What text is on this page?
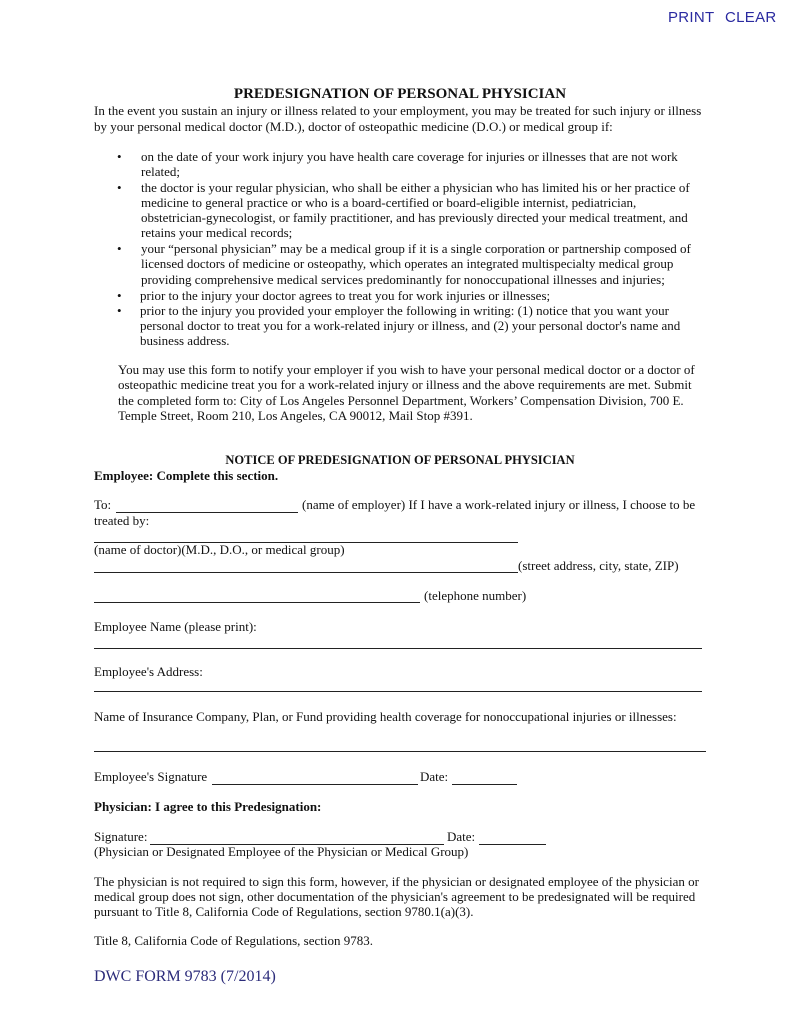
PRINT CLEAR
PREDESIGNATION OF PERSONAL PHYSICIAN
In the event you sustain an injury or illness related to your employment, you may be treated for such injury or illness
by your personal medical doctor (M.D.), doctor of osteopathic medicine (D.O.) or medical group if:
• on the date of your work injury you have health care coverage for injuries or illnesses that are not work
related;
• the doctor is your regular physician, who shall be either a physician who has limited his or her practice of
medicine to general practice or who is a board-certified or board-eligible internist, pediatrician,
obstetrician-gynecologist, or family practitioner, and has previously directed your medical treatment, and
retains your medical records;
• your “personal physician” may be a medical group if it is a single corporation or partnership composed of
licensed doctors of medicine or osteopathy, which operates an integrated multispecialty medical group
providing comprehensive medical services predominantly for nonoccupational illnesses and injuries;
• prior to the injury your doctor agrees to treat you for work injuries or illnesses;
• prior to the injury you provided your employer the following in writing: (1) notice that you want your
personal doctor to treat you for a work-related injury or illness, and (2) your personal doctor's name and
business address.
You may use this form to notify your employer if you wish to have your personal medical doctor or a doctor of
osteopathic medicine treat you for a work-related injury or illness and the above requirements are met. Submit
the completed form to: City of Los Angeles Personnel Department, Workers’ Compensation Division, 700 E.
Temple Street, Room 210, Los Angeles, CA 90012, Mail Stop #391.
NOTICE OF PREDESIGNATION OF PERSONAL PHYSICIAN
Employee: Complete this section.
To:	(name of employer) If I have a work-related injury or illness, I choose to be
treated by:
(name of doctor)(M.D., D.O., or medical group)
(street address, city, state, ZIP)
(telephone number)
Employee Name (please print):
Employee's Address:
Name of Insurance Company, Plan, or Fund providing health coverage for nonoccupational injuries or illnesses:
Employee's Signature	Date:
Physician: I agree to this Predesignation:
Signature:	Date:
(Physician or Designated Employee of the Physician or Medical Group)
The physician is not required to sign this form, however, if the physician or designated employee of the physician or
medical group does not sign, other documentation of the physician's agreement to be predesignated will be required
pursuant to Title 8, California Code of Regulations, section 9780.1(a)(3).
Title 8, California Code of Regulations, section 9783.
DWC FORM 9783 (7/2014)
